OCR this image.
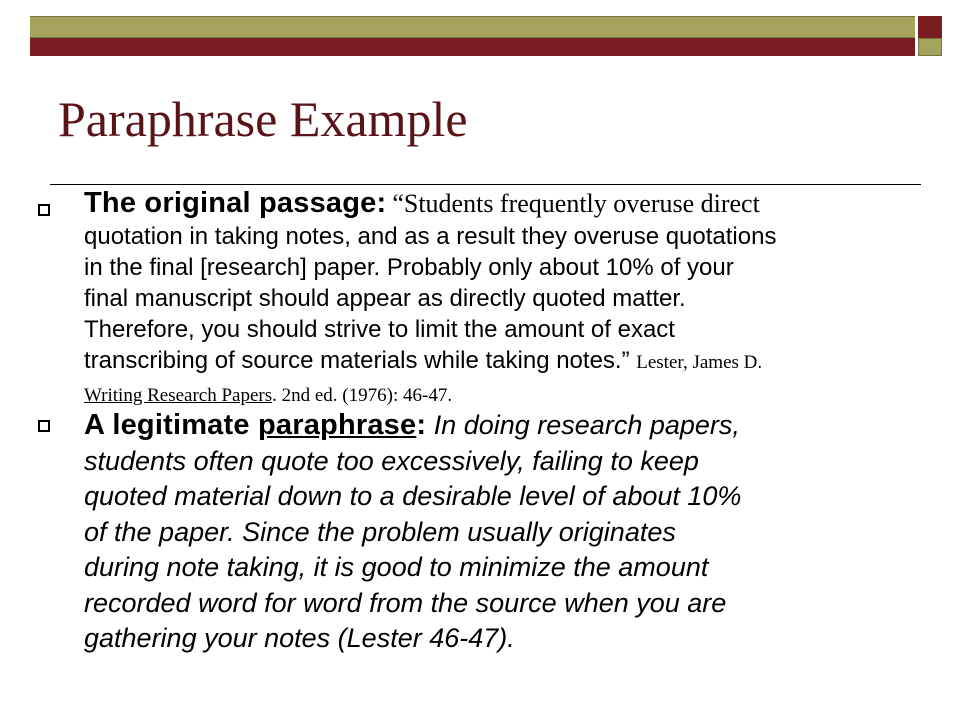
Paraphrase Example
The original passage: “Students frequently overuse direct
quotation in taking notes, and as a result they overuse quotations
in the final [research] paper. Probably only about 10% of your
final manuscript should appear as directly quoted matter.
Therefore, you should strive to limit the amount of exact
transcribing of source materials while taking notes.” Lester, James D.
Writing Research Papers. 2nd ed. (1976): 46-47.
A legitimate paraphrase: In doing research papers,
students often quote too excessively, failing to keep
quoted material down to a desirable level of about 10%
of the paper. Since the problem usually originates
during note taking, it is good to minimize the amount
recorded word for word from the source when you are
gathering your notes (Lester 46-47).
